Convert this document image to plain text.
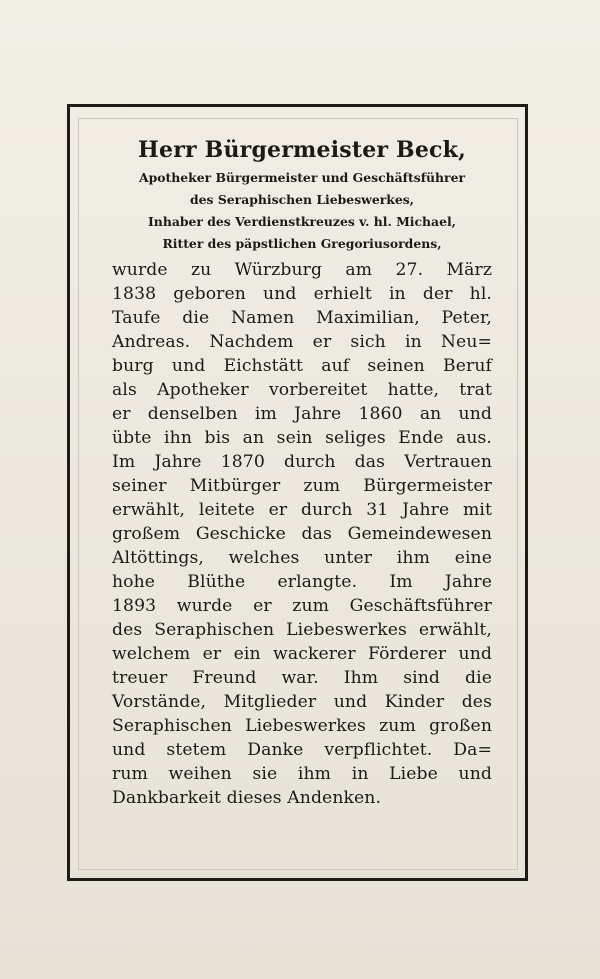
Herr Bürgermeister Beck,
Apotheker Bürgermeister und Geschäftsführer
des Seraphischen Liebeswerkes,
Inhaber des Verdienstkreuzes v. hl. Michael,
Ritter des päpstlichen Gregoriusordens,
wurde zu Würzburg am 27. März
1838 geboren und erhielt in der hl.
Taufe die Namen Maximilian, Peter,
Andreas. Nachdem er sich in Neu=
burg und Eichstätt auf seinen Beruf
als Apotheker vorbereitet hatte, trat
er denselben im Jahre 1860 an und
übte ihn bis an sein seliges Ende aus.
Im Jahre 1870 durch das Vertrauen
seiner Mitbürger zum Bürgermeister
erwählt, leitete er durch 31 Jahre mit
großem Geschicke das Gemeindewesen
Altöttings, welches unter ihm eine
hohe Blüthe erlangte. Im Jahre
1893 wurde er zum Geschäftsführer
des Seraphischen Liebeswerkes erwählt,
welchem er ein wackerer Förderer und
treuer Freund war. Ihm sind die
Vorstände, Mitglieder und Kinder des
Seraphischen Liebeswerkes zum großen
und stetem Danke verpflichtet. Da=
rum weihen sie ihm in Liebe und
Dankbarkeit dieses Andenken.
